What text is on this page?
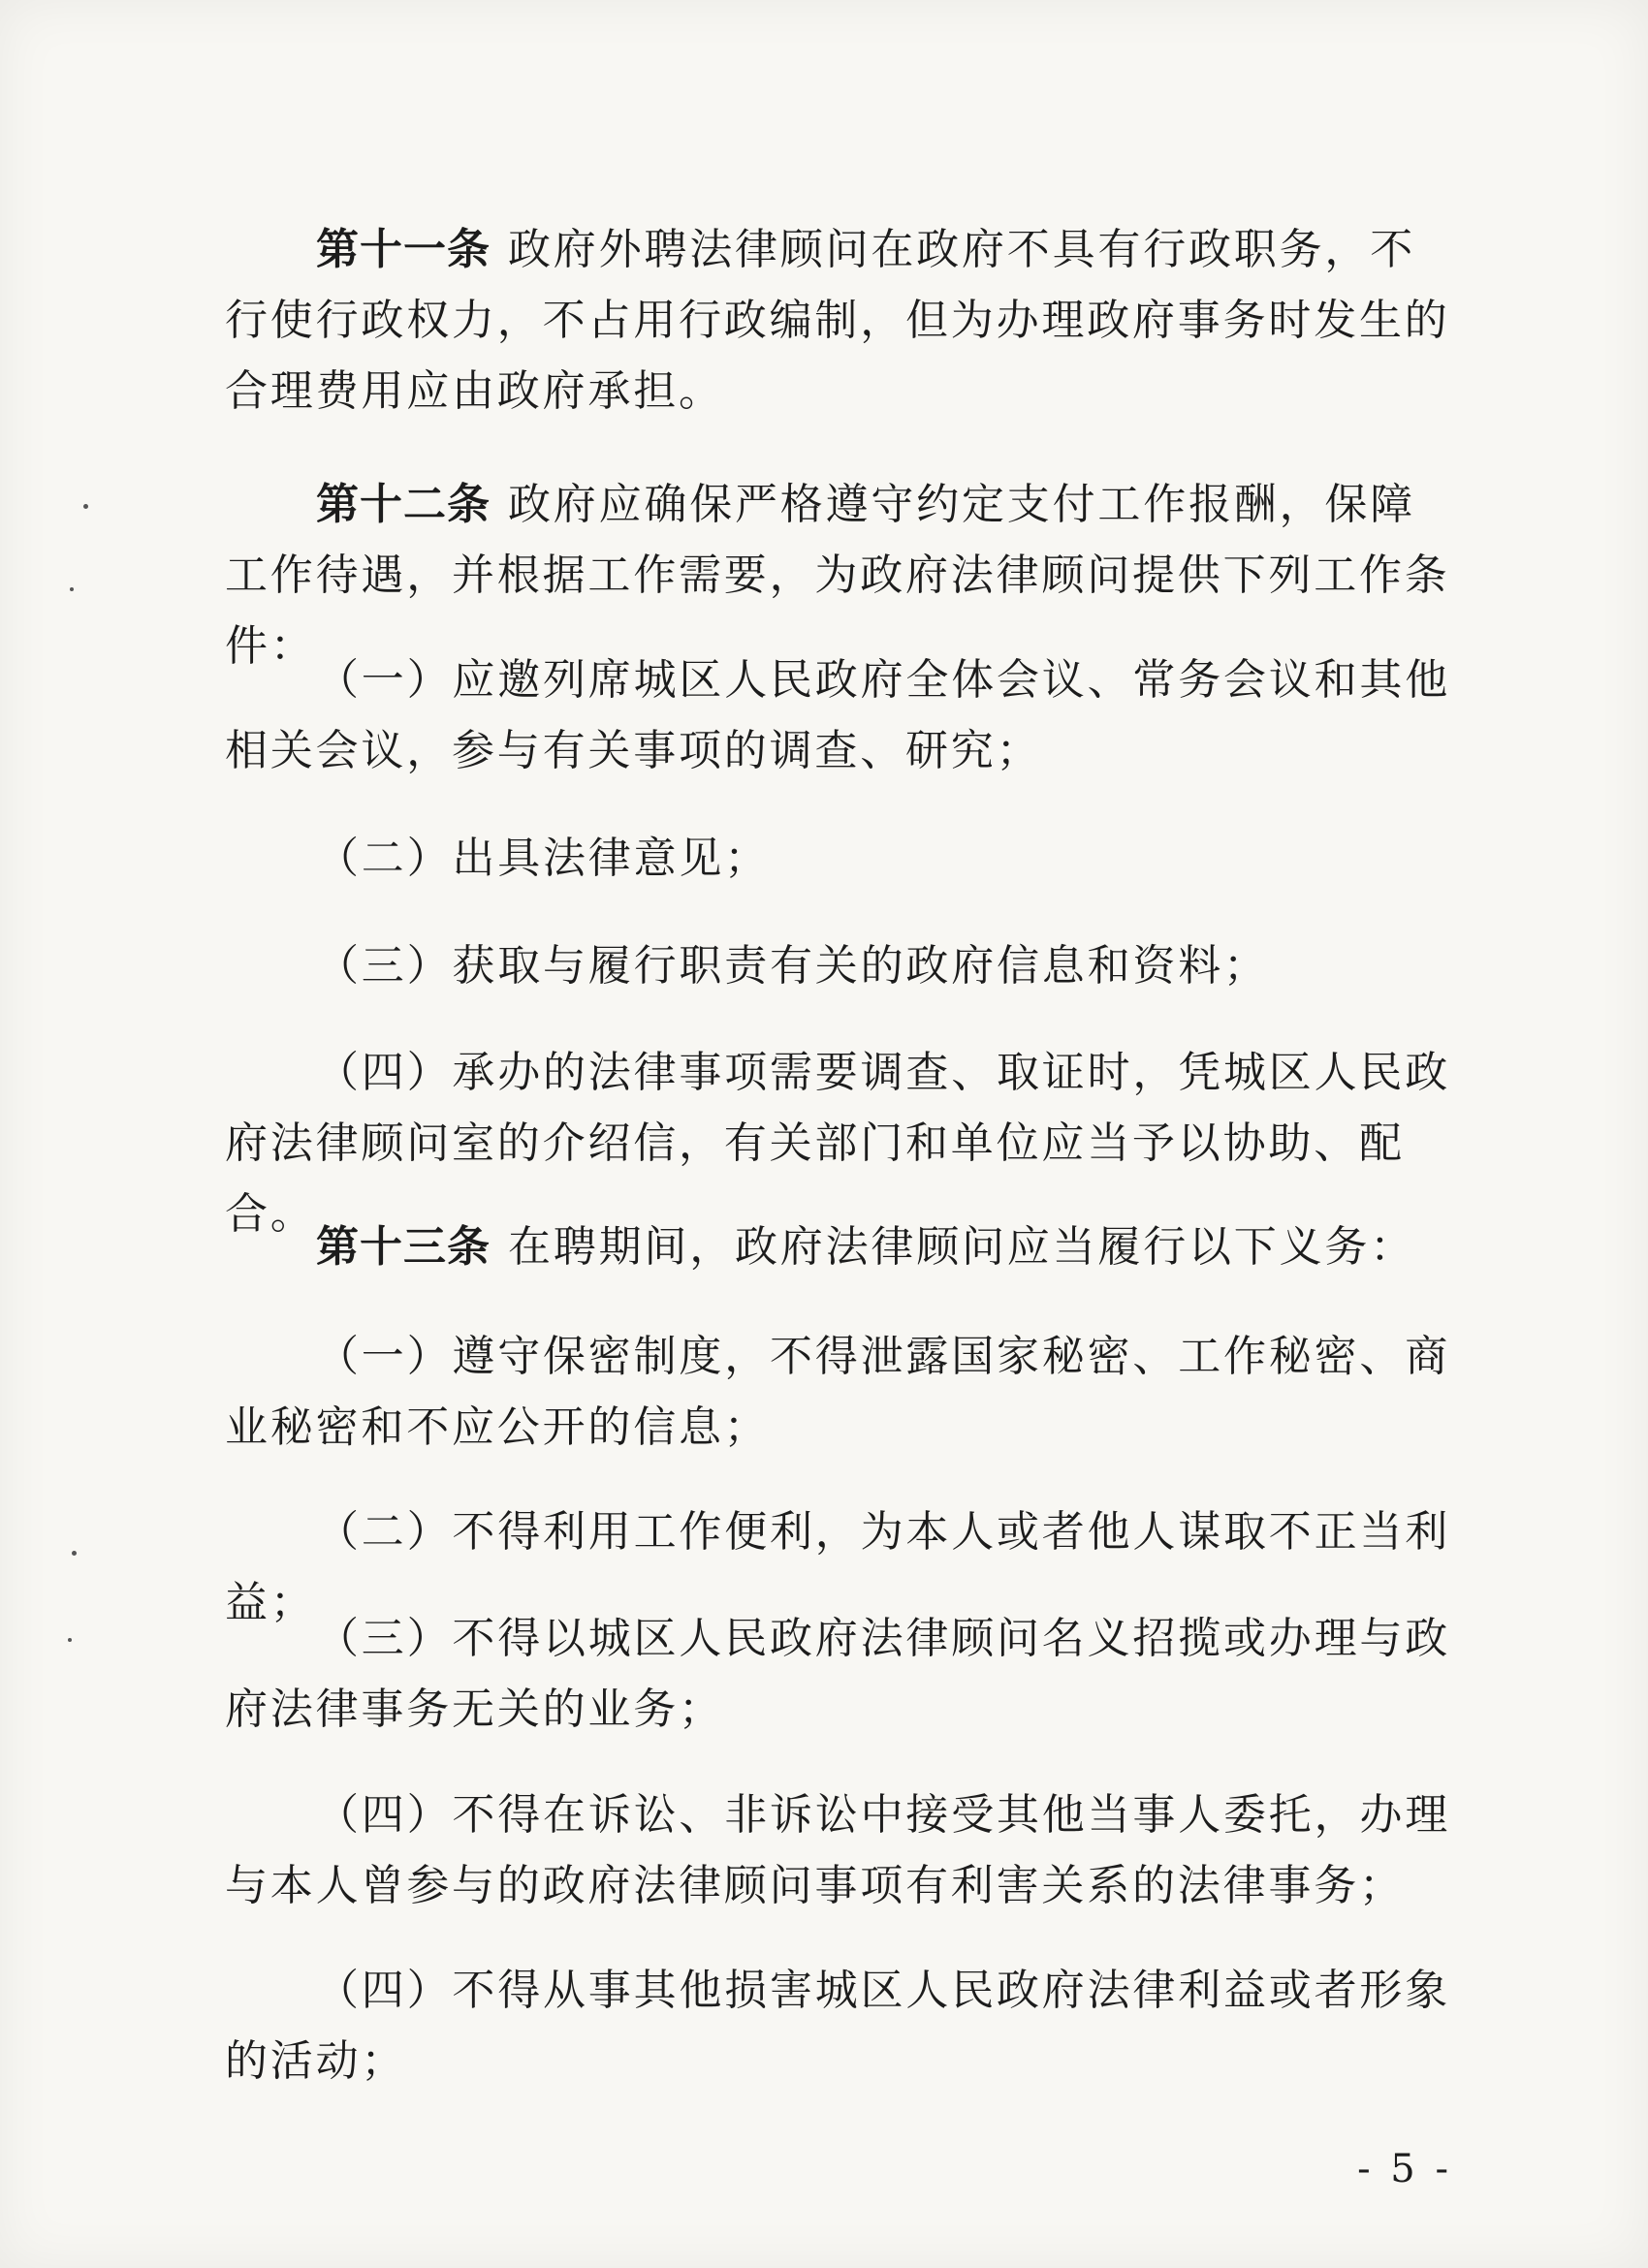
第十一条 政府外聘法律顾问在政府不具有行政职务，不行使行政权力，不占用行政编制，但为办理政府事务时发生的合理费用应由政府承担。

第十二条 政府应确保严格遵守约定支付工作报酬，保障工作待遇，并根据工作需要，为政府法律顾问提供下列工作条件：

（一）应邀列席城区人民政府全体会议、常务会议和其他相关会议，参与有关事项的调查、研究；

（二）出具法律意见；

（三）获取与履行职责有关的政府信息和资料；

（四）承办的法律事项需要调查、取证时，凭城区人民政府法律顾问室的介绍信，有关部门和单位应当予以协助、配合。

第十三条 在聘期间，政府法律顾问应当履行以下义务：

（一）遵守保密制度，不得泄露国家秘密、工作秘密、商业秘密和不应公开的信息；

（二）不得利用工作便利，为本人或者他人谋取不正当利益；

（三）不得以城区人民政府法律顾问名义招揽或办理与政府法律事务无关的业务；

（四）不得在诉讼、非诉讼中接受其他当事人委托，办理与本人曾参与的政府法律顾问事项有利害关系的法律事务；

（四）不得从事其他损害城区人民政府法律利益或者形象的活动；

- 5 -
